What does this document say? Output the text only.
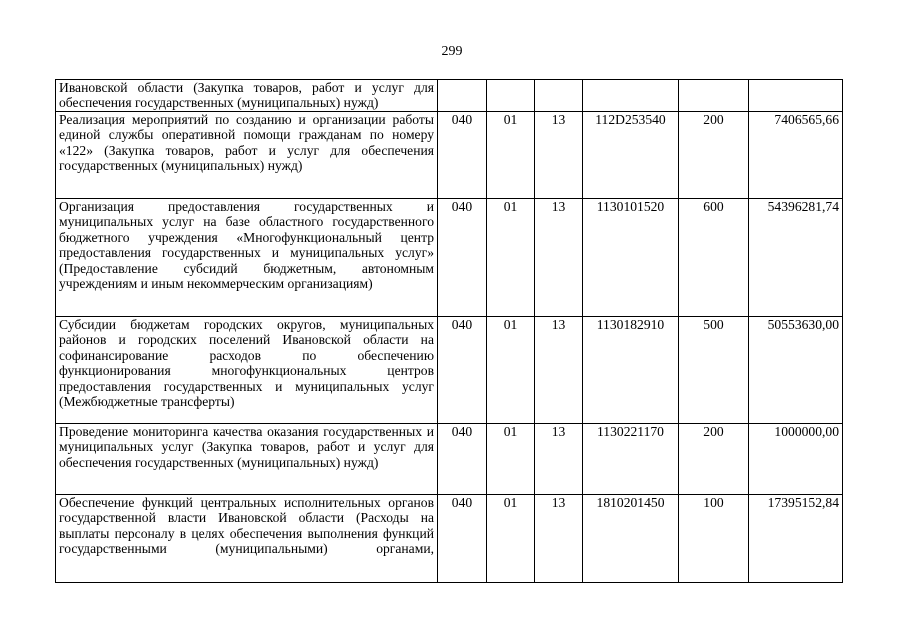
299
Ивановской области (Закупка товаров, работ и услуг для обеспечения государственных (муниципальных) нужд)						
Реализация мероприятий по созданию и организации работы единой службы оперативной помощи гражданам по номеру «122» (Закупка товаров, работ и услуг для обеспечения государственных (муниципальных) нужд)	040	01	13	112D253540	200	7406565,66
Организация предоставления государственных и муниципальных услуг на базе областного государственного бюджетного учреждения «Многофункциональный центр предоставления государственных и муниципальных услуг» (Предоставление субсидий бюджетным, автономным учреждениям и иным некоммерческим организациям)	040	01	13	1130101520	600	54396281,74
Субсидии бюджетам городских округов, муниципальных районов и городских поселений Ивановской области на софинансирование расходов по обеспечению функционирования многофункциональных центров предоставления государственных и муниципальных услуг (Межбюджетные трансферты)	040	01	13	1130182910	500	50553630,00
Проведение мониторинга качества оказания государственных и муниципальных услуг (Закупка товаров, работ и услуг для обеспечения государственных (муниципальных) нужд)	040	01	13	1130221170	200	1000000,00
Обеспечение функций центральных исполнительных органов государственной власти Ивановской области (Расходы на выплаты персоналу в целях обеспечения выполнения функций государственными (муниципальными) органами,	040	01	13	1810201450	100	17395152,84
